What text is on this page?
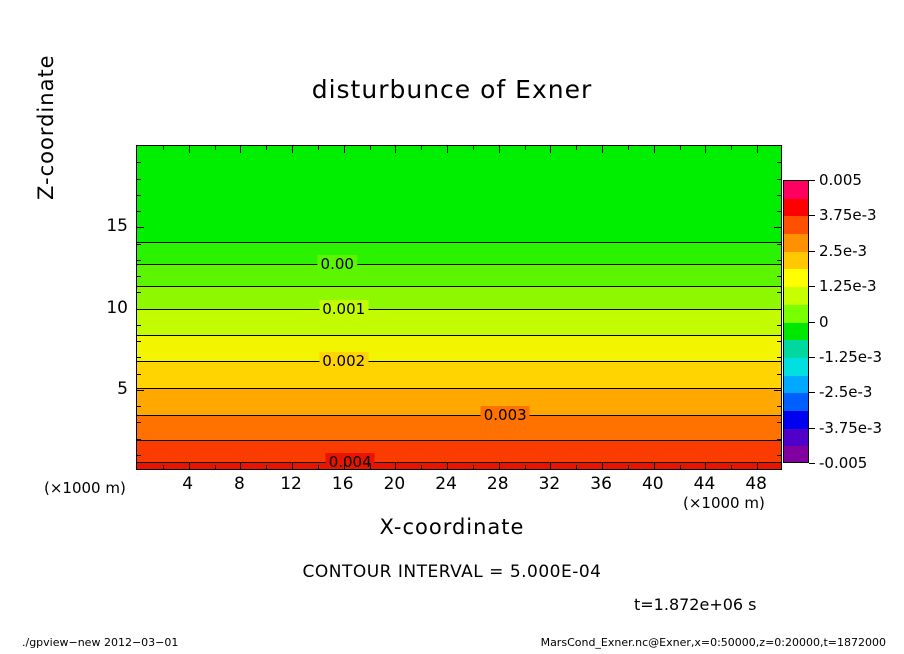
disturbunce of Exner
0.004
0.003
0.002
0.001
0.00
4 8 12 16 20 24 28 32 36 40 44 48
5
10
15
(×1000 m)
(×1000 m)
X-coordinate
Z-coordinate	0.005
3.75e-3
2.5e-3
1.25e-3
0
-1.25e-3
-2.5e-3
-3.75e-3
-0.005
CONTOUR INTERVAL = 5.000E-04
t=1.872e+06 s
./gpview−new 2012−03−01	MarsCond_Exner.nc@Exner,x=0:50000,z=0:20000,t=1872000
